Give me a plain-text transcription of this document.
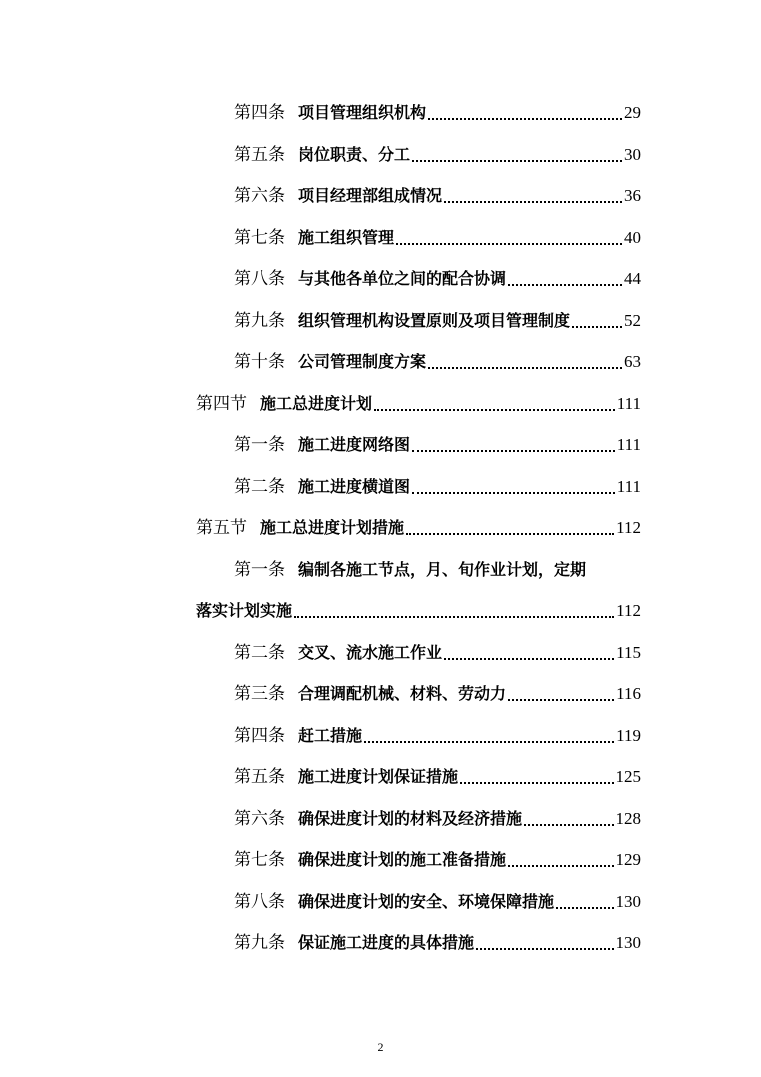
第四条 项目管理组织机构	29
第五条 岗位职责、分工	30
第六条 项目经理部组成情况	36
第七条 施工组织管理	40
第八条 与其他各单位之间的配合协调	44
第九条 组织管理机构设置原则及项目管理制度	52
第十条 公司管理制度方案	63
第四节 施工总进度计划	111
第一条 施工进度网络图	111
第二条 施工进度横道图	111
第五节 施工总进度计划措施	112
第一条 编制各施工节点，月、旬作业计划，定期
落实计划实施	112
第二条 交叉、流水施工作业	115
第三条 合理调配机械、材料、劳动力	116
第四条 赶工措施	119
第五条 施工进度计划保证措施	125
第六条 确保进度计划的材料及经济措施	128
第七条 确保进度计划的施工准备措施	129
第八条 确保进度计划的安全、环境保障措施	130
第九条 保证施工进度的具体措施	130
2
